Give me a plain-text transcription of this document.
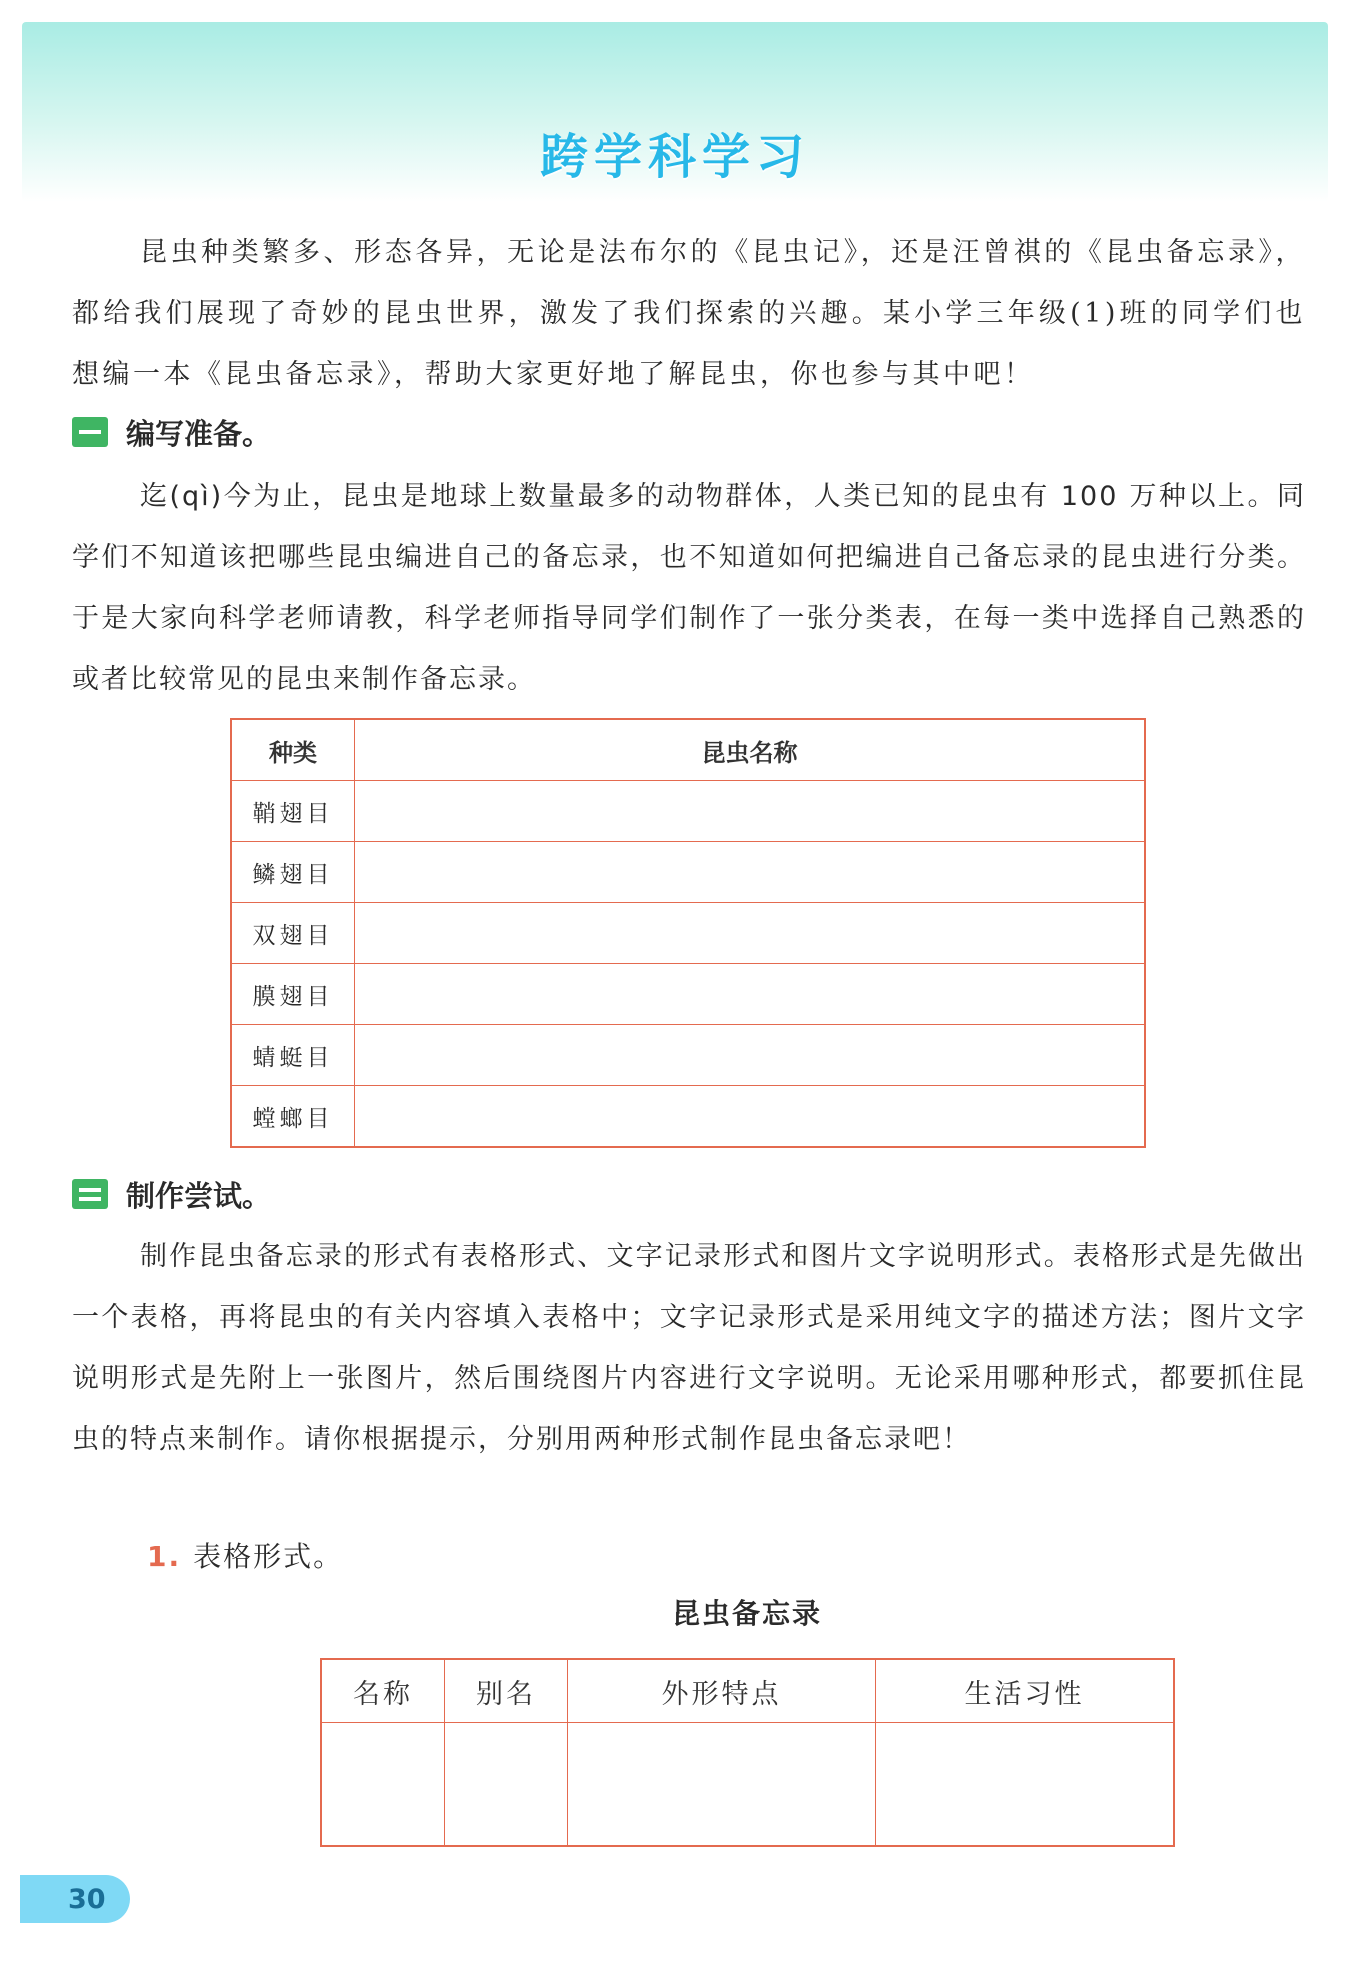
跨学科学习

昆虫种类繁多、形态各异，无论是法布尔的《昆虫记》，还是汪曾祺的《昆虫备忘录》，都给我们展现了奇妙的昆虫世界，激发了我们探索的兴趣。某小学三年级(1)班的同学们也想编一本《昆虫备忘录》，帮助大家更好地了解昆虫，你也参与其中吧！

编写准备。

迄(qì)今为止，昆虫是地球上数量最多的动物群体，人类已知的昆虫有 100 万种以上。同学们不知道该把哪些昆虫编进自己的备忘录，也不知道如何把编进自己备忘录的昆虫进行分类。于是大家向科学老师请教，科学老师指导同学们制作了一张分类表，在每一类中选择自己熟悉的或者比较常见的昆虫来制作备忘录。

种类	昆虫名称
鞘翅目	
鳞翅目	
双翅目	
膜翅目	
蜻蜓目	
螳螂目	
制作尝试。

制作昆虫备忘录的形式有表格形式、文字记录形式和图片文字说明形式。表格形式是先做出一个表格，再将昆虫的有关内容填入表格中；文字记录形式是采用纯文字的描述方法；图片文字说明形式是先附上一张图片，然后围绕图片内容进行文字说明。无论采用哪种形式，都要抓住昆虫的特点来制作。请你根据提示，分别用两种形式制作昆虫备忘录吧！

1. 表格形式。
昆虫备忘录
名称	别名	外形特点	生活习性

30
